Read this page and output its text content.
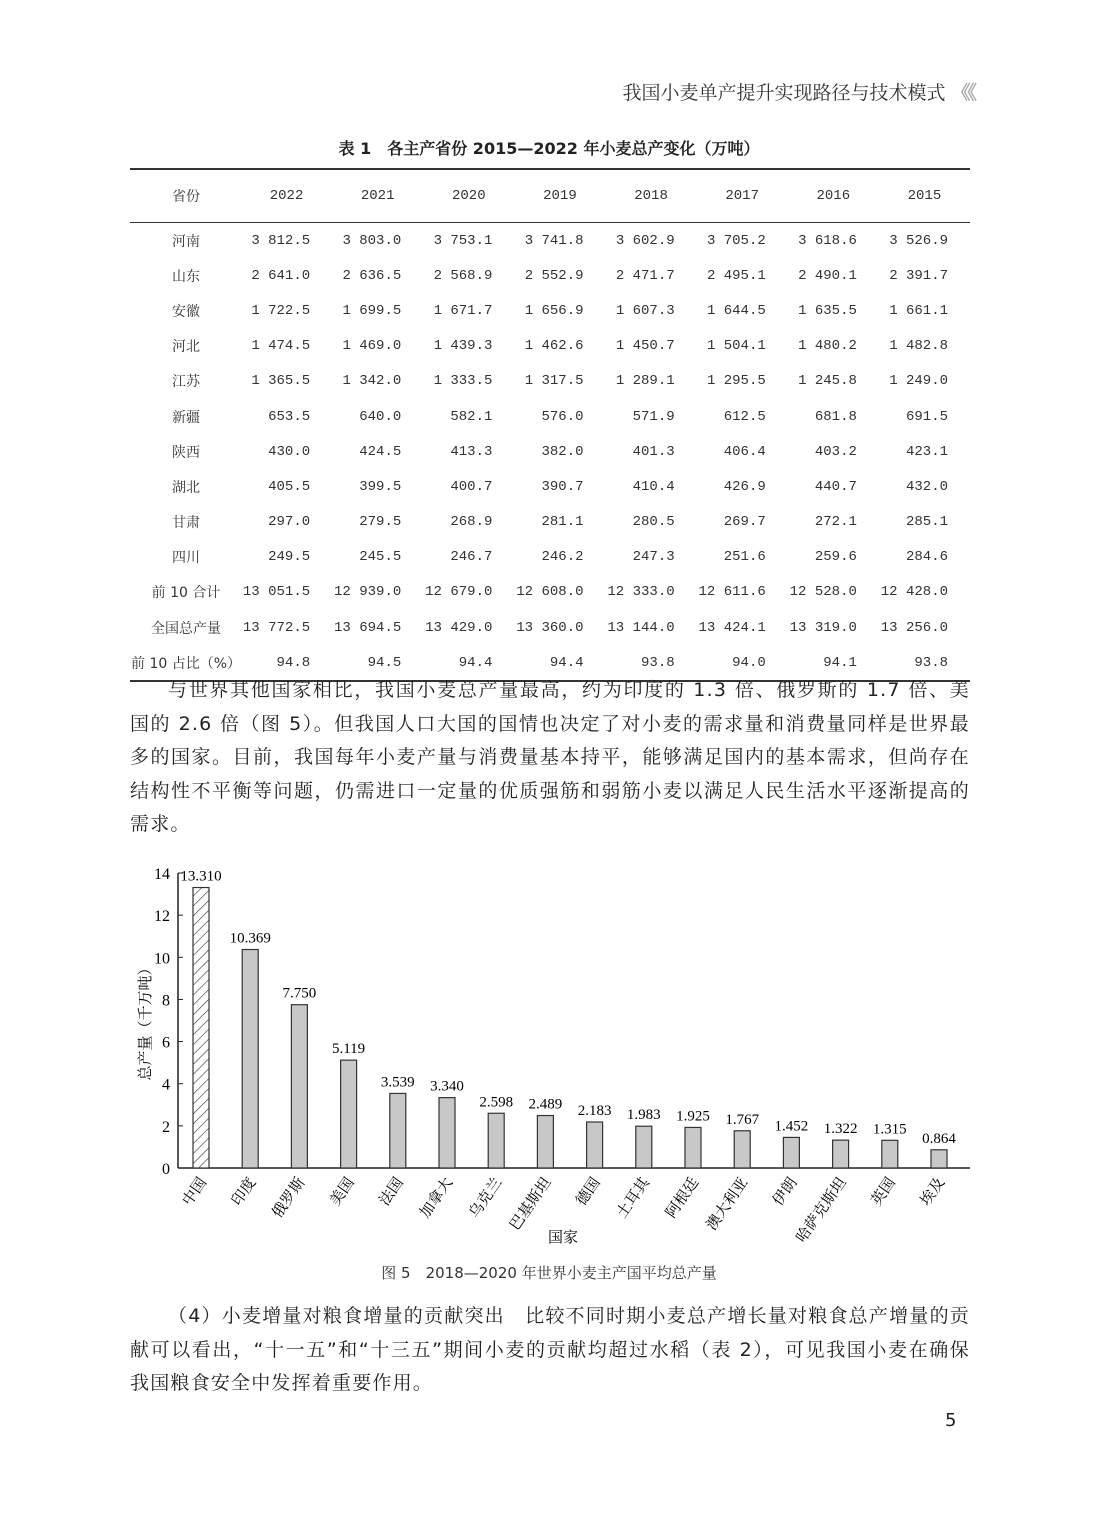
我国小麦单产提升实现路径与技术模式 《《
表 1　各主产省份 2015—2022 年小麦总产变化（万吨）
省份	2022	2021	2020	2019	2018	2017	2016	2015
河南	3 812.5	3 803.0	3 753.1	3 741.8	3 602.9	3 705.2	3 618.6	3 526.9
山东	2 641.0	2 636.5	2 568.9	2 552.9	2 471.7	2 495.1	2 490.1	2 391.7
安徽	1 722.5	1 699.5	1 671.7	1 656.9	1 607.3	1 644.5	1 635.5	1 661.1
河北	1 474.5	1 469.0	1 439.3	1 462.6	1 450.7	1 504.1	1 480.2	1 482.8
江苏	1 365.5	1 342.0	1 333.5	1 317.5	1 289.1	1 295.5	1 245.8	1 249.0
新疆	653.5	640.0	582.1	576.0	571.9	612.5	681.8	691.5
陕西	430.0	424.5	413.3	382.0	401.3	406.4	403.2	423.1
湖北	405.5	399.5	400.7	390.7	410.4	426.9	440.7	432.0
甘肃	297.0	279.5	268.9	281.1	280.5	269.7	272.1	285.1
四川	249.5	245.5	246.7	246.2	247.3	251.6	259.6	284.6
前 10 合计	13 051.5	12 939.0	12 679.0	12 608.0	12 333.0	12 611.6	12 528.0	12 428.0
全国总产量	13 772.5	13 694.5	13 429.0	13 360.0	13 144.0	13 424.1	13 319.0	13 256.0
前 10 占比（%）	94.8	94.5	94.4	94.4	93.8	94.0	94.1	93.8
与世界其他国家相比，我国小麦总产量最高，约为印度的 1.3 倍、俄罗斯的 1.7 倍、美国的 2.6 倍（图 5）。但我国人口大国的国情也决定了对小麦的需求量和消费量同样是世界最多的国家。目前，我国每年小麦产量与消费量基本持平，能够满足国内的基本需求，但尚存在结构性不平衡等问题，仍需进口一定量的优质强筋和弱筋小麦以满足人民生活水平逐渐提高的需求。
0
2
4
6
8
10
12
14
总产量（千万吨）
13.310
中国
10.369
印度
7.750
俄罗斯
5.119
美国
3.539
法国
3.340
加拿大
2.598
乌克兰
2.489
巴基斯坦
2.183
德国
1.983
土耳其
1.925
阿根廷
1.767
澳大利亚
1.452
伊朗
1.322
哈萨克斯坦
1.315
英国
0.864
埃及
国家
图 5　2018—2020 年世界小麦主产国平均总产量
（4）小麦增量对粮食增量的贡献突出　比较不同时期小麦总产增长量对粮食总产增量的贡献可以看出，“十一五”和“十三五”期间小麦的贡献均超过水稻（表 2），可见我国小麦在确保我国粮食安全中发挥着重要作用。
5
